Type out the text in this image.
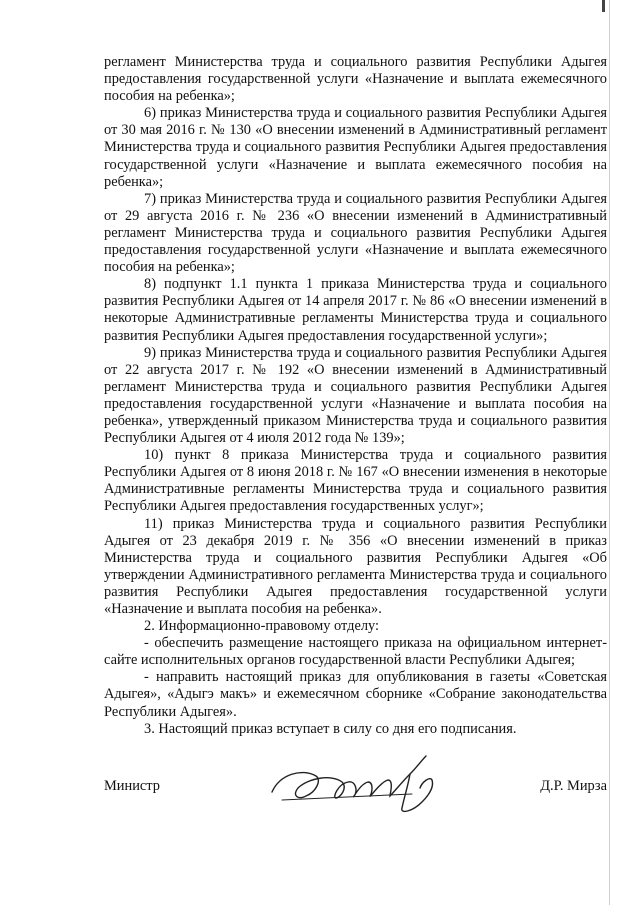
регламент Министерства труда и социального развития Республики Адыгея предоставления государственной услуги «Назначение и выплата ежемесячного пособия на ребенка»;

6) приказ Министерства труда и социального развития Республики Адыгея от 30 мая 2016 г. № 130 «О внесении изменений в Административный регламент Министерства труда и социального развития Республики Адыгея предоставления государственной услуги «Назначение и выплата ежемесячного пособия на ребенка»;

7) приказ Министерства труда и социального развития Республики Адыгея от 29 августа 2016 г. № 236 «О внесении изменений в Административный регламент Министерства труда и социального развития Республики Адыгея предоставления государственной услуги «Назначение и выплата ежемесячного пособия на ребенка»;

8) подпункт 1.1 пункта 1 приказа Министерства труда и социального развития Республики Адыгея от 14 апреля 2017 г. № 86 «О внесении изменений в некоторые Административные регламенты Министерства труда и социального развития Республики Адыгея предоставления государственной услуги»;

9) приказ Министерства труда и социального развития Республики Адыгея от 22 августа 2017 г. № 192 «О внесении изменений в Административный регламент Министерства труда и социального развития Республики Адыгея предоставления государственной услуги «Назначение и выплата пособия на ребенка», утвержденный приказом Министерства труда и социального развития Республики Адыгея от 4 июля 2012 года № 139»;

10) пункт 8 приказа Министерства труда и социального развития Республики Адыгея от 8 июня 2018 г. № 167 «О внесении изменения в некоторые Административные регламенты Министерства труда и социального развития Республики Адыгея предоставления государственных услуг»;

11) приказ Министерства труда и социального развития Республики Адыгея от 23 декабря 2019 г. № 356 «О внесении изменений в приказ Министерства труда и социального развития Республики Адыгея «Об утверждении Административного регламента Министерства труда и социального развития Республики Адыгея предоставления государственной услуги «Назначение и выплата пособия на ребенка».

2. Информационно-правовому отделу:

- обеспечить размещение настоящего приказа на официальном интернет-сайте исполнительных органов государственной власти Республики Адыгея;

- направить настоящий приказ для опубликования в газеты «Советская Адыгея», «Адыгэ макъ» и ежемесячном сборнике «Собрание законодательства Республики Адыгея».

3. Настоящий приказ вступает в силу со дня его подписания.

Министр	Д.Р. Мирза
